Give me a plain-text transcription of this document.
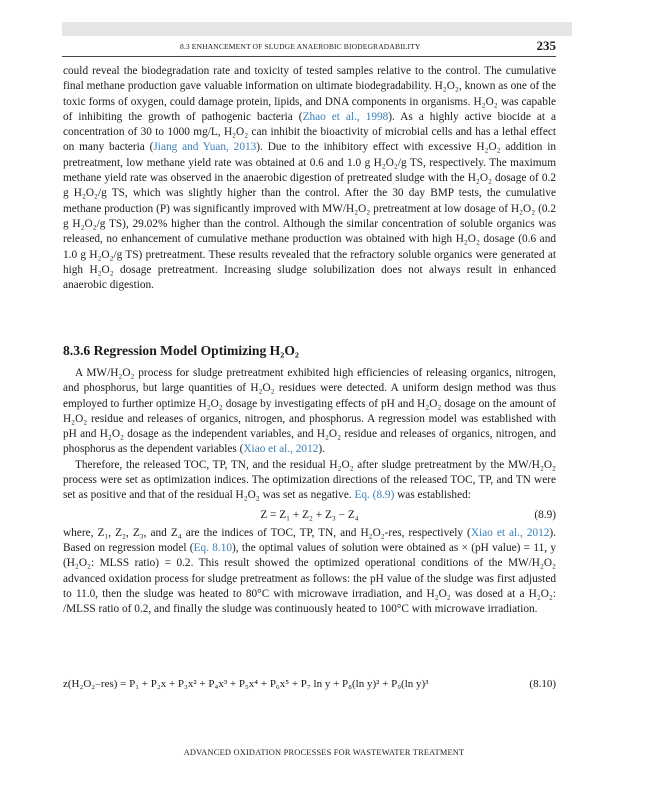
8.3 ENHANCEMENT OF SLUDGE ANAEROBIC BIODEGRADABILITY	235

could reveal the biodegradation rate and toxicity of tested samples relative to the control. The cumulative final methane production gave valuable information on ultimate biodegradability. H₂O₂, known as one of the toxic forms of oxygen, could damage protein, lipids, and DNA components in organisms. H₂O₂ was capable of inhibiting the growth of pathogenic bacteria (Zhao et al., 1998). As a highly active biocide at a concentration of 30 to 1000 mg/L, H₂O₂ can inhibit the bioactivity of microbial cells and has a lethal effect on many bacteria (Jiang and Yuan, 2013). Due to the inhibitory effect with excessive H₂O₂ addition in pretreatment, low methane yield rate was obtained at 0.6 and 1.0 g H₂O₂/g TS, respectively. The maximum methane yield rate was observed in the anaerobic digestion of pretreated sludge with the H₂O₂ dosage of 0.2 g H₂O₂/g TS, which was slightly higher than the control. After the 30 day BMP tests, the cumulative methane production (P) was significantly improved with MW/H₂O₂ pretreatment at low dosage of H₂O₂ (0.2 g H₂O₂/g TS), 29.02% higher than the control. Although the similar concentration of soluble organics was released, no enhancement of cumulative methane production was obtained with high H₂O₂ dosage (0.6 and 1.0 g H₂O₂/g TS) pretreatment. These results revealed that the refractory soluble organics were generated at high H₂O₂ dosage pretreatment. Increasing sludge solubilization does not always result in enhanced anaerobic digestion.

8.3.6 Regression Model Optimizing H₂O₂

A MW/H₂O₂ process for sludge pretreatment exhibited high efficiencies of releasing organics, nitrogen, and phosphorus, but large quantities of H₂O₂ residues were detected. A uniform design method was thus employed to further optimize H₂O₂ dosage by investigating effects of pH and H₂O₂ dosage on the amount of H₂O₂ residue and releases of organics, nitrogen, and phosphorus. A regression model was established with pH and H₂O₂ dosage as the independent variables, and H₂O₂ residue and releases of organics, nitrogen, and phosphorus as the dependent variables (Xiao et al., 2012).

Therefore, the released TOC, TP, TN, and the residual H₂O₂ after sludge pretreatment by the MW/H₂O₂ process were set as optimization indices. The optimization directions of the released TOC, TP, and TN were set as positive and that of the residual H₂O₂ was set as negative. Eq. (8.9) was established:

Z = Z₁ + Z₂ + Z₃ − Z₄	(8.9)

where, Z₁, Z₂, Z₃, and Z₄ are the indices of TOC, TP, TN, and H₂O₂-res, respectively (Xiao et al., 2012). Based on regression model (Eq. 8.10), the optimal values of solution were obtained as × (pH value) = 11, y (H₂O₂: MLSS ratio) = 0.2. This result showed the optimized operational conditions of the MW/H₂O₂ advanced oxidation process for sludge pretreatment as follows: the pH value of the sludge was first adjusted to 11.0, then the sludge was heated to 80°C with microwave irradiation, and H₂O₂ was dosed at a H₂O₂: /MLSS ratio of 0.2, and finally the sludge was continuously heated to 100°C with microwave irradiation.

z(H₂O₂₋res) = P₁ + P₂x + P₃x² + P₄x³ + P₅x⁴ + P₆x⁵ + P₇ ln y + P₈(ln y)² + P₉(ln y)³	(8.10)
ADVANCED OXIDATION PROCESSES FOR WASTEWATER TREATMENT
